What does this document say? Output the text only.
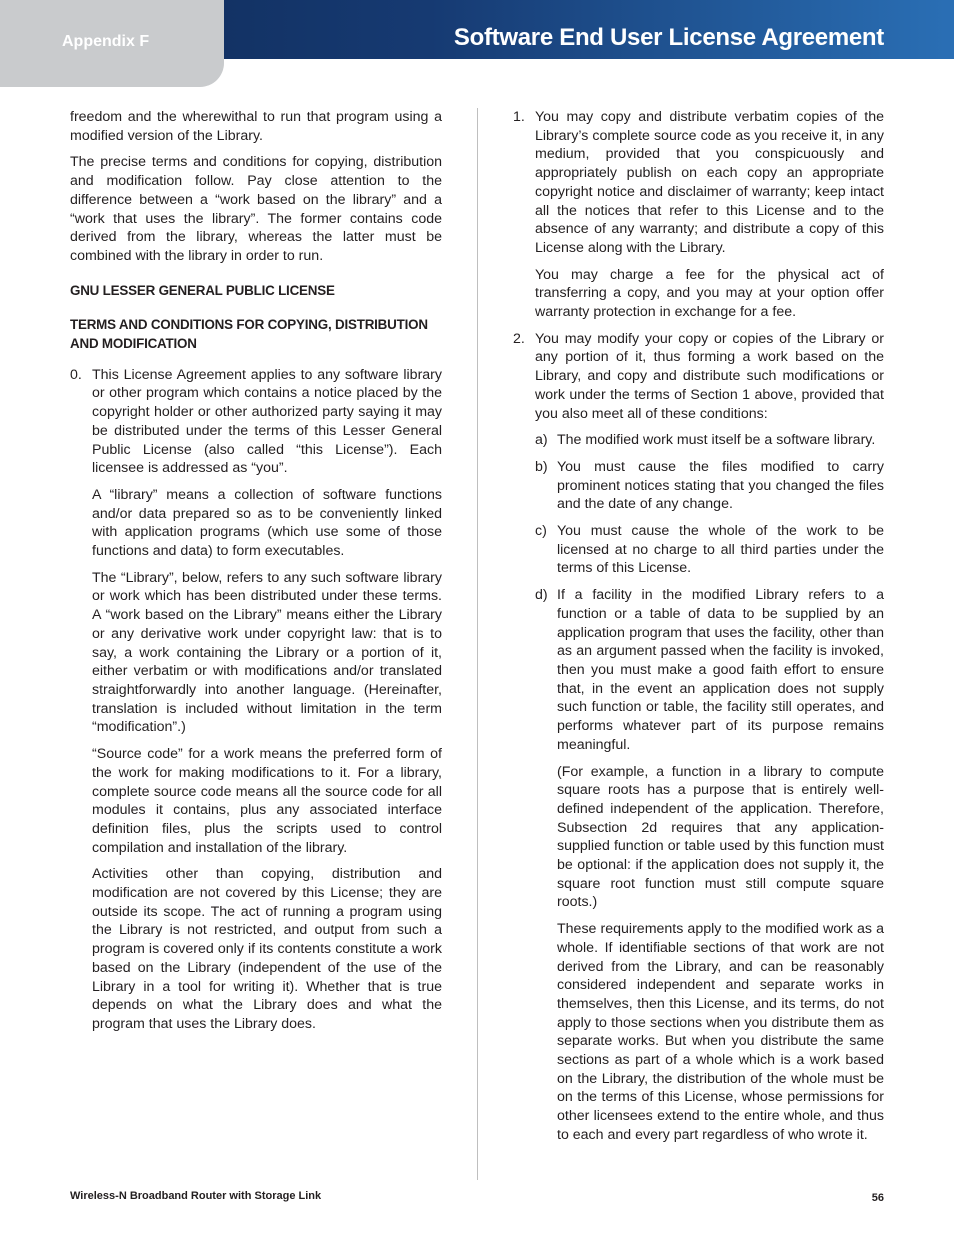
Appendix F	Software End User License Agreement

freedom and the wherewithal to run that program using a modified version of the Library.

The precise terms and conditions for copying, distribution and modification follow. Pay close attention to the difference between a “work based on the library” and a “work that uses the library”. The former contains code derived from the library, whereas the latter must be combined with the library in order to run.

GNU LESSER GENERAL PUBLIC LICENSE
TERMS AND CONDITIONS FOR COPYING, DISTRIBUTION AND MODIFICATION
0. This License Agreement applies to any software library or other program which contains a notice placed by the copyright holder or other authorized party saying it may be distributed under the terms of this Lesser General Public License (also called “this License”). Each licensee is addressed as “you”.

A “library” means a collection of software functions and/or data prepared so as to be conveniently linked with application programs (which use some of those functions and data) to form executables.

The “Library”, below, refers to any such software library or work which has been distributed under these terms. A “work based on the Library” means either the Library or any derivative work under copyright law: that is to say, a work containing the Library or a portion of it, either verbatim or with modifications and/or translated straightforwardly into another language. (Hereinafter, translation is included without limitation in the term “modification”.)

“Source code” for a work means the preferred form of the work for making modifications to it. For a library, complete source code means all the source code for all modules it contains, plus any associated interface definition files, plus the scripts used to control compilation and installation of the library.

Activities other than copying, distribution and modification are not covered by this License; they are outside its scope. The act of running a program using the Library is not restricted, and output from such a program is covered only if its contents constitute a work based on the Library (independent of the use of the Library in a tool for writing it). Whether that is true depends on what the Library does and what the program that uses the Library does.

1. You may copy and distribute verbatim copies of the Library’s complete source code as you receive it, in any medium, provided that you conspicuously and appropriately publish on each copy an appropriate copyright notice and disclaimer of warranty; keep intact all the notices that refer to this License and to the absence of any warranty; and distribute a copy of this License along with the Library.

You may charge a fee for the physical act of transferring a copy, and you may at your option offer warranty protection in exchange for a fee.

2. You may modify your copy or copies of the Library or any portion of it, thus forming a work based on the Library, and copy and distribute such modifications or work under the terms of Section 1 above, provided that you also meet all of these conditions:

a) The modified work must itself be a software library.

b) You must cause the files modified to carry prominent notices stating that you changed the files and the date of any change.

c) You must cause the whole of the work to be licensed at no charge to all third parties under the terms of this License.

d) If a facility in the modified Library refers to a function or a table of data to be supplied by an application program that uses the facility, other than as an argument passed when the facility is invoked, then you must make a good faith effort to ensure that, in the event an application does not supply such function or table, the facility still operates, and performs whatever part of its purpose remains meaningful.

(For example, a function in a library to compute square roots has a purpose that is entirely well-defined independent of the application. Therefore, Subsection 2d requires that any application-supplied function or table used by this function must be optional: if the application does not supply it, the square root function must still compute square roots.)

These requirements apply to the modified work as a whole. If identifiable sections of that work are not derived from the Library, and can be reasonably considered independent and separate works in themselves, then this License, and its terms, do not apply to those sections when you distribute them as separate works. But when you distribute the same sections as part of a whole which is a work based on the Library, the distribution of the whole must be on the terms of this License, whose permissions for other licensees extend to the entire whole, and thus to each and every part regardless of who wrote it.

Wireless-N Broadband Router with Storage Link	56
